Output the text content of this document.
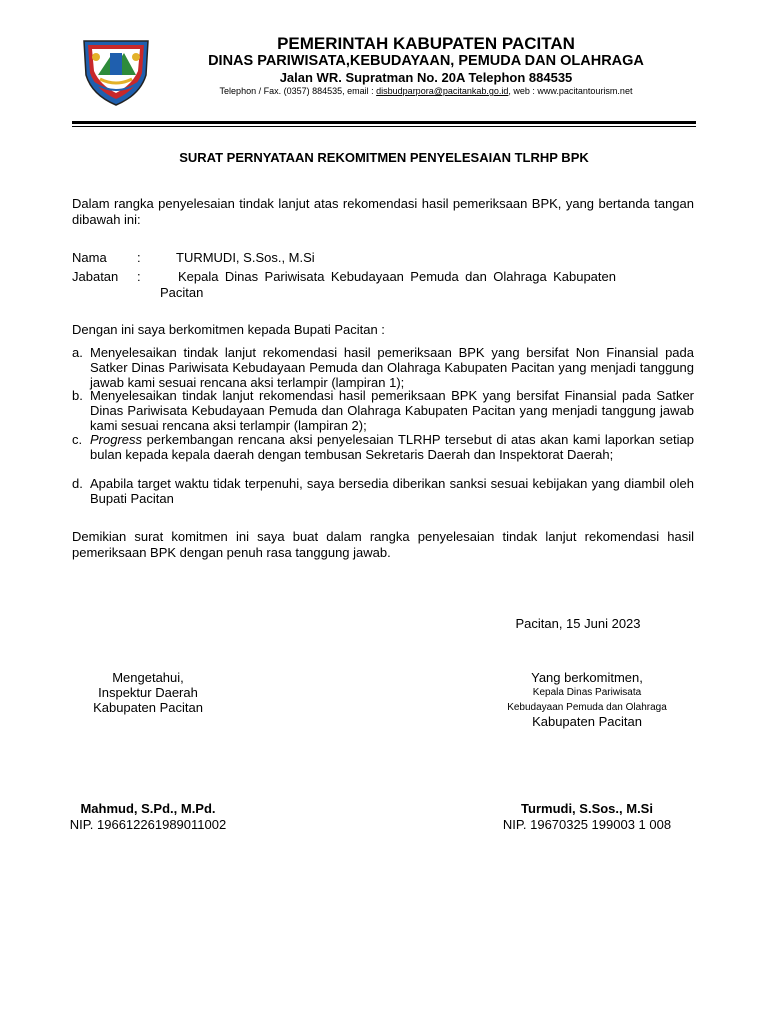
PEMERINTAH KABUPATEN PACITAN
DINAS PARIWISATA,KEBUDAYAAN, PEMUDA DAN OLAHRAGA
Jalan WR. Supratman No. 20A Telephon 884535
Telephon / Fax. (0357) 884535, email : disbudparpora@pacitankab.go.id, web : www.pacitantourism.net
SURAT PERNYATAAN REKOMITMEN PENYELESAIAN TLRHP BPK
Dalam rangka penyelesaian tindak lanjut atas rekomendasi hasil pemeriksaan BPK, yang bertanda tangan dibawah ini:
Nama :	TURMUDI, S.Sos., M.Si
Jabatan :	Kepala Dinas Pariwisata Kebudayaan Pemuda dan Olahraga Kabupaten Pacitan
Dengan ini saya berkomitmen kepada Bupati Pacitan :
a. Menyelesaikan tindak lanjut rekomendasi hasil pemeriksaan BPK yang bersifat Non Finansial pada Satker Dinas Pariwisata Kebudayaan Pemuda dan Olahraga Kabupaten Pacitan yang menjadi tanggung jawab kami sesuai rencana aksi terlampir (lampiran 1);
b. Menyelesaikan tindak lanjut rekomendasi hasil pemeriksaan BPK yang bersifat Finansial pada Satker Dinas Pariwisata Kebudayaan Pemuda dan Olahraga Kabupaten Pacitan yang menjadi tanggung jawab kami sesuai rencana aksi terlampir (lampiran 2);
c. Progress perkembangan rencana aksi penyelesaian TLRHP tersebut di atas akan kami laporkan setiap bulan kepada kepala daerah dengan tembusan Sekretaris Daerah dan Inspektorat Daerah;
d. Apabila target waktu tidak terpenuhi, saya bersedia diberikan sanksi sesuai kebijakan yang diambil oleh Bupati Pacitan
Demikian surat komitmen ini saya buat dalam rangka penyelesaian tindak lanjut rekomendasi hasil pemeriksaan BPK dengan penuh rasa tanggung jawab.
Pacitan, 15 Juni 2023
Mengetahui,
Inspektur Daerah
Kabupaten Pacitan
Mahmud, S.Pd., M.Pd.
NIP. 196612261989011002
Yang berkomitmen,
Kepala Dinas Pariwisata
Kebudayaan Pemuda dan Olahraga
Kabupaten Pacitan
Turmudi, S.Sos., M.Si
NIP. 19670325 199003 1 008
